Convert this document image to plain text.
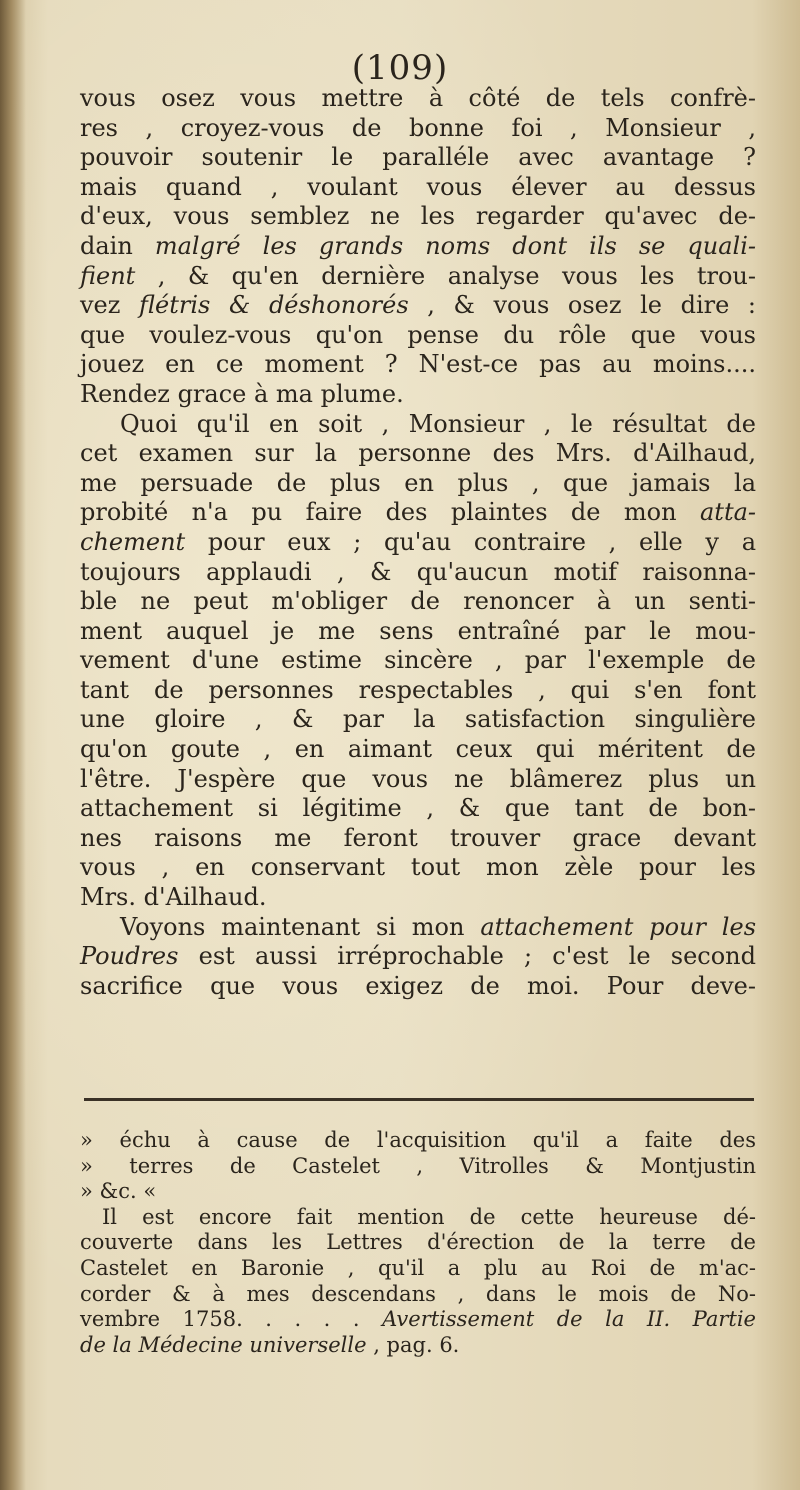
(109)
vous osez vous mettre à côté de tels confrè-
res , croyez-vous de bonne foi , Monsieur ,
pouvoir soutenir le paralléle avec avantage ?
mais quand , voulant vous élever au dessus
d'eux, vous semblez ne les regarder qu'avec de-
dain malgré les grands noms dont ils se quali-
fient , & qu'en dernière analyse vous les trou-
vez flétris & déshonorés , & vous osez le dire :
que voulez-vous qu'on pense du rôle que vous
jouez en ce moment ? N'est-ce pas au moins....
Rendez grace à ma plume.
Quoi qu'il en soit , Monsieur , le résultat de
cet examen sur la personne des Mrs. d'Ailhaud,
me persuade de plus en plus , que jamais la
probité n'a pu faire des plaintes de mon atta-
chement pour eux ; qu'au contraire , elle y a
toujours applaudi , & qu'aucun motif raisonna-
ble ne peut m'obliger de renoncer à un senti-
ment auquel je me sens entraîné par le mou-
vement d'une estime sincère , par l'exemple de
tant de personnes respectables , qui s'en font
une gloire , & par la satisfaction singulière
qu'on goute , en aimant ceux qui méritent de
l'être. J'espère que vous ne blâmerez plus un
attachement si légitime , & que tant de bon-
nes raisons me feront trouver grace devant
vous , en conservant tout mon zèle pour les
Mrs. d'Ailhaud.
Voyons maintenant si mon attachement pour les
Poudres est aussi irréprochable ; c'est le second
sacrifice que vous exigez de moi. Pour deve-
» échu à cause de l'acquisition qu'il a faite des
» terres de Castelet , Vitrolles & Montjustin
» &c. «
Il est encore fait mention de cette heureuse dé-
couverte dans les Lettres d'érection de la terre de
Castelet en Baronie , qu'il a plu au Roi de m'ac-
corder & à mes descendans , dans le mois de No-
vembre 1758. . . . . Avertissement de la II. Partie
de la Médecine universelle , pag. 6.
